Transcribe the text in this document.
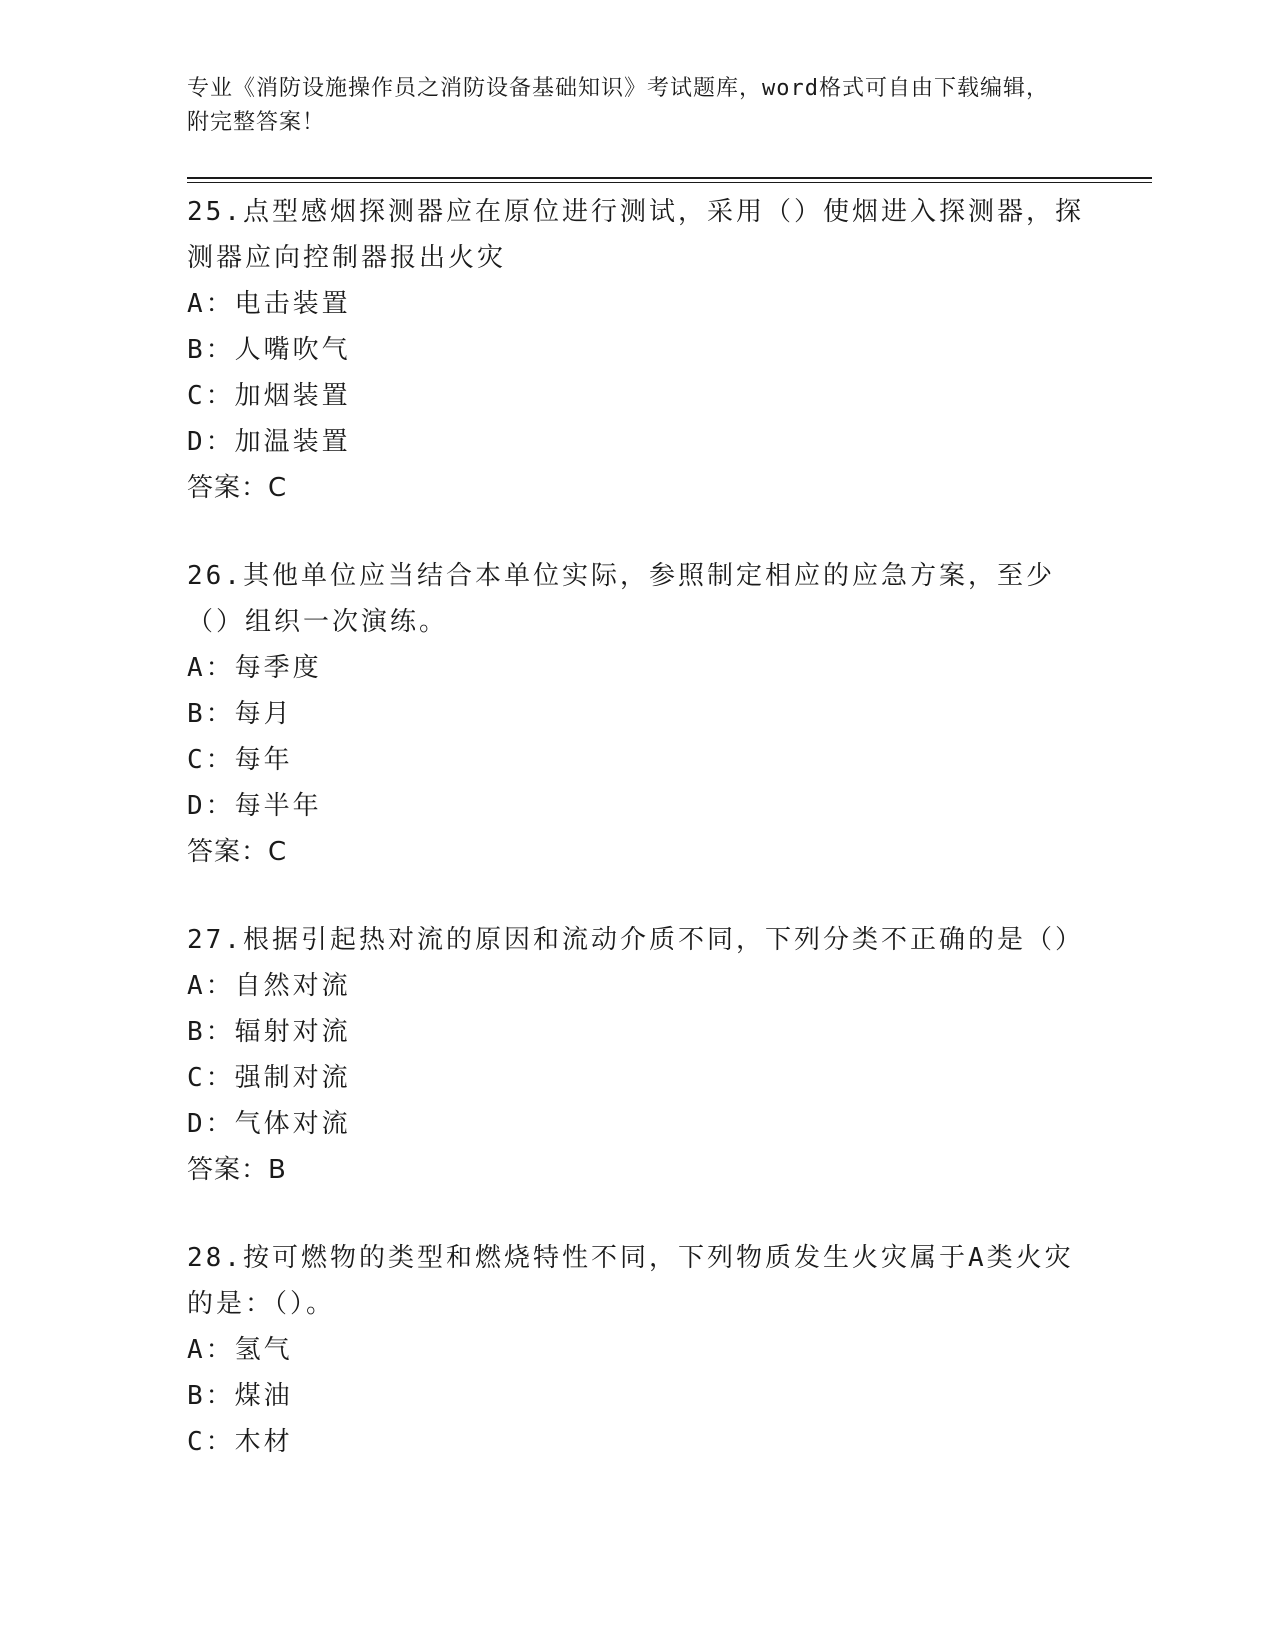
专业《消防设施操作员之消防设备基础知识》考试题库，word格式可自由下载编辑，附完整答案！
25.点型感烟探测器应在原位进行测试，采用（）使烟进入探测器，探测器应向控制器报出火灾
A：电击装置
B：人嘴吹气
C：加烟装置
D：加温装置
答案：C
26.其他单位应当结合本单位实际，参照制定相应的应急方案，至少（）组织一次演练。
A：每季度
B：每月
C：每年
D：每半年
答案：C
27.根据引起热对流的原因和流动介质不同，下列分类不正确的是（）
A：自然对流
B：辐射对流
C：强制对流
D：气体对流
答案：B
28.按可燃物的类型和燃烧特性不同，下列物质发生火灾属于A类火灾的是：（）。
A：氢气
B：煤油
C：木材
